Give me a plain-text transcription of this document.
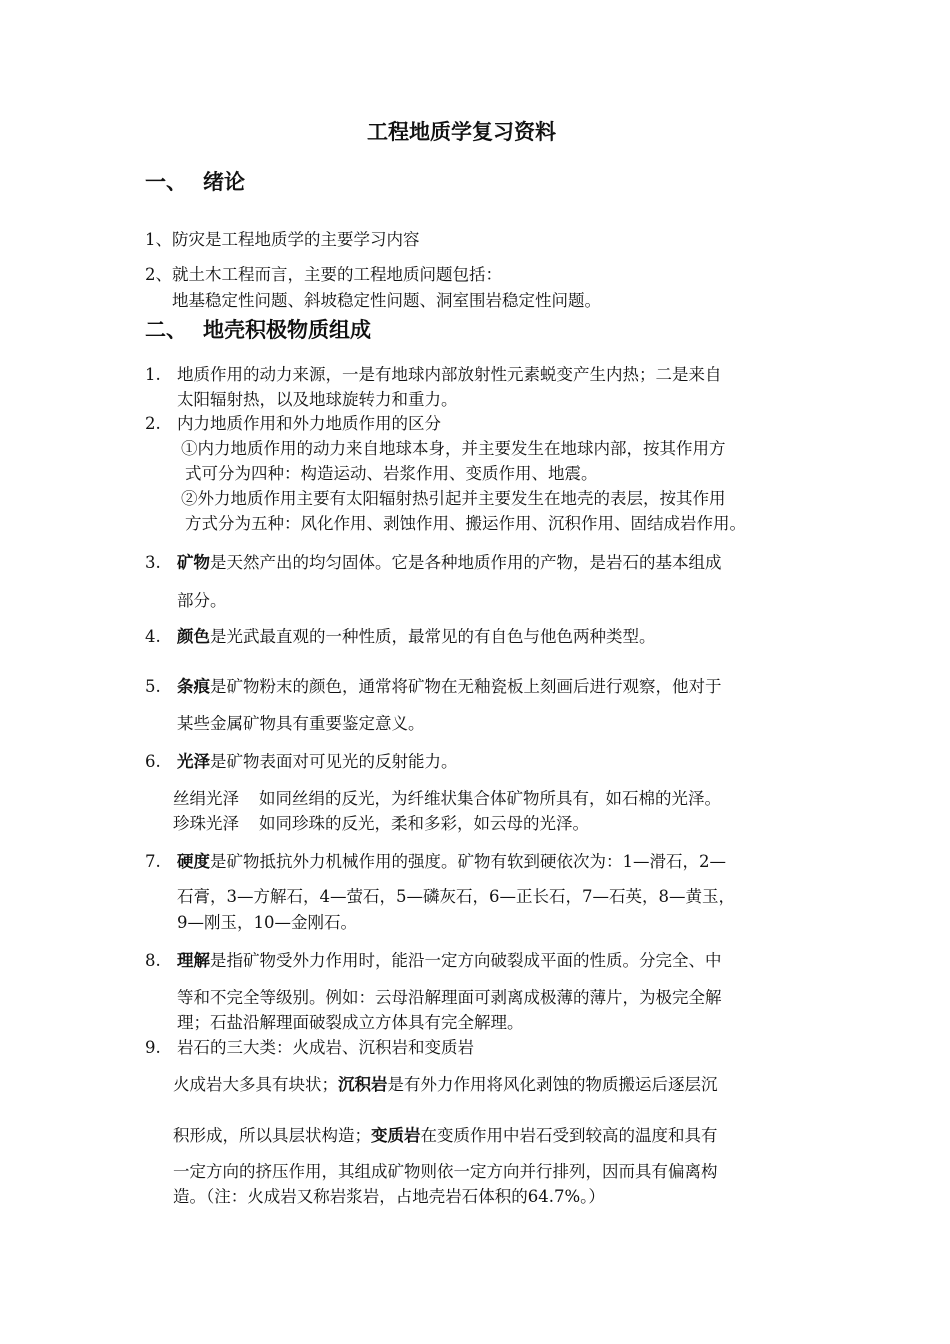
工程地质学复习资料
一、 绪论
1、防灾是工程地质学的主要学习内容
2、就土木工程而言，主要的工程地质问题包括：
地基稳定性问题、斜坡稳定性问题、洞室围岩稳定性问题。
二、 地壳积极物质组成
1. 地质作用的动力来源，一是有地球内部放射性元素蜕变产生内热；二是来自
太阳辐射热，以及地球旋转力和重力。
2. 内力地质作用和外力地质作用的区分
①内力地质作用的动力来自地球本身，并主要发生在地球内部，按其作用方
式可分为四种：构造运动、岩浆作用、变质作用、地震。
②外力地质作用主要有太阳辐射热引起并主要发生在地壳的表层，按其作用
方式分为五种：风化作用、剥蚀作用、搬运作用、沉积作用、固结成岩作用。
3. 矿物是天然产出的均匀固体。它是各种地质作用的产物，是岩石的基本组成
部分。
4. 颜色是光武最直观的一种性质，最常见的有自色与他色两种类型。
5. 条痕是矿物粉末的颜色，通常将矿物在无釉瓷板上刻画后进行观察，他对于
某些金属矿物具有重要鉴定意义。
6. 光泽是矿物表面对可见光的反射能力。
丝绢光泽 如同丝绢的反光，为纤维状集合体矿物所具有，如石棉的光泽。
珍珠光泽 如同珍珠的反光，柔和多彩，如云母的光泽。
7. 硬度是矿物抵抗外力机械作用的强度。矿物有软到硬依次为：1—滑石，2—
石膏，3—方解石，4—萤石，5—磷灰石，6—正长石，7—石英，8—黄玉，
9—刚玉，10—金刚石。
8. 理解是指矿物受外力作用时，能沿一定方向破裂成平面的性质。分完全、中
等和不完全等级别。例如：云母沿解理面可剥离成极薄的薄片，为极完全解
理；石盐沿解理面破裂成立方体具有完全解理。
9. 岩石的三大类：火成岩、沉积岩和变质岩
火成岩大多具有块状；沉积岩是有外力作用将风化剥蚀的物质搬运后逐层沉
积形成，所以具层状构造；变质岩在变质作用中岩石受到较高的温度和具有
一定方向的挤压作用，其组成矿物则依一定方向并行排列，因而具有偏离构
造。（注：火成岩又称岩浆岩，占地壳岩石体积的64.7%。）
